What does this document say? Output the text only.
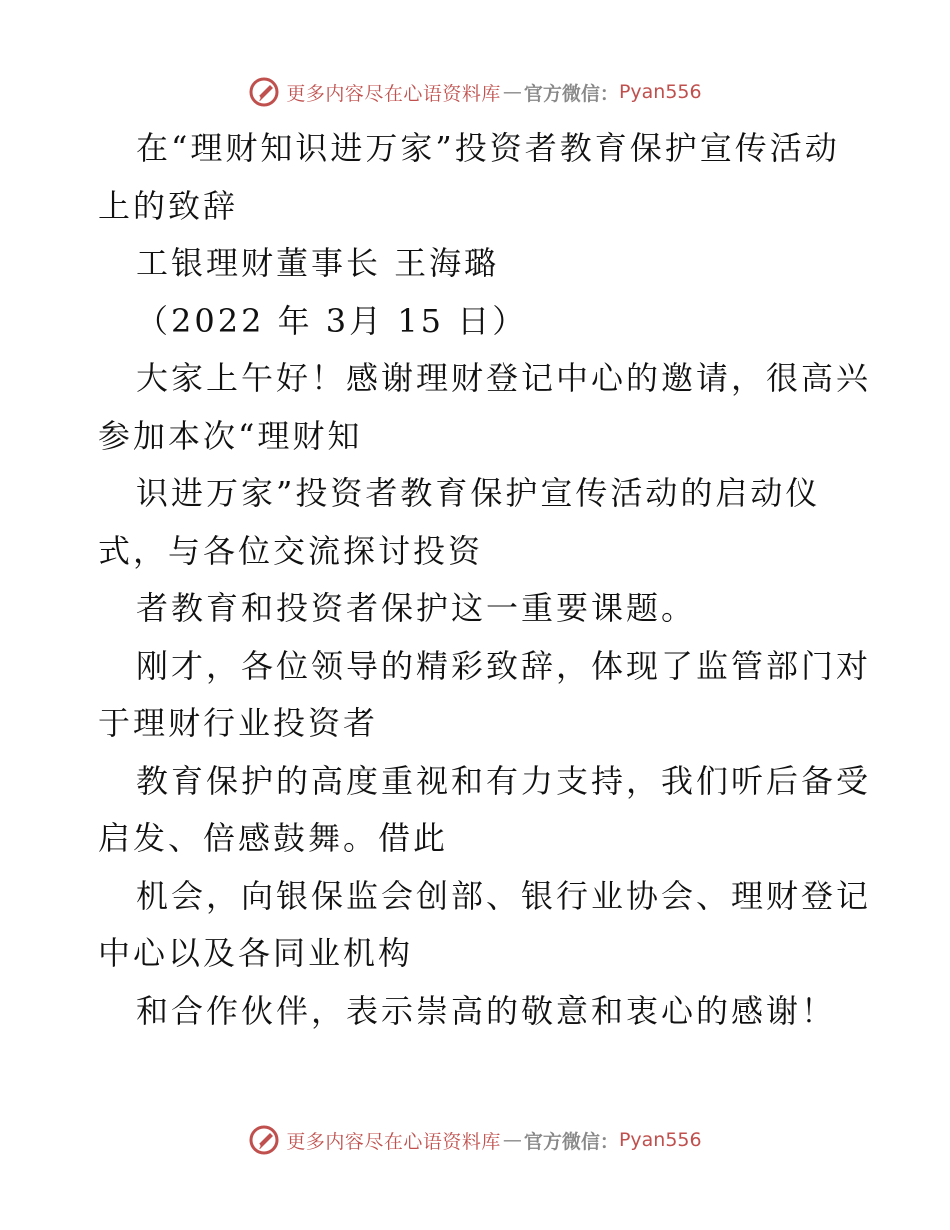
更多内容尽在心语资料库 — 官方微信： Pyan556
在“理财知识进万家”投资者教育保护宣传活动
上的致辞
工银理财董事长 王海璐
（2022 年 3月 15 日）
大家上午好！感谢理财登记中心的邀请，很高兴
参加本次“理财知
识进万家”投资者教育保护宣传活动的启动仪
式，与各位交流探讨投资
者教育和投资者保护这一重要课题。
刚才，各位领导的精彩致辞，体现了监管部门对
于理财行业投资者
教育保护的高度重视和有力支持，我们听后备受
启发、倍感鼓舞。借此
机会，向银保监会创部、银行业协会、理财登记
中心以及各同业机构
和合作伙伴，表示崇高的敬意和衷心的感谢！
更多内容尽在心语资料库 — 官方微信： Pyan556
